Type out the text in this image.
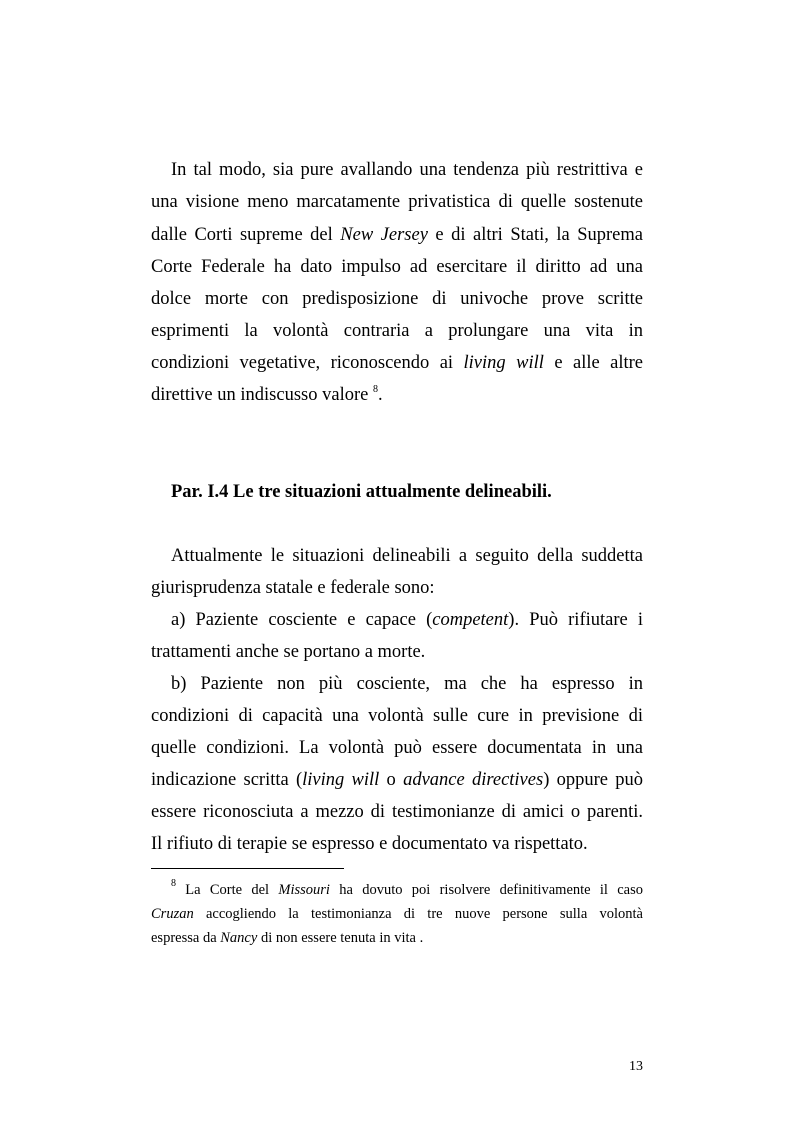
In tal modo, sia pure avallando una tendenza più restrittiva e
una visione meno marcatamente privatistica di quelle sostenute
dalle Corti supreme del New Jersey e di altri Stati, la Suprema
Corte Federale ha dato impulso ad esercitare il diritto ad una
dolce morte con predisposizione di univoche prove scritte
esprimenti la volontà contraria a prolungare una vita in
condizioni vegetative, riconoscendo ai living will e alle altre
direttive un indiscusso valore $^8$.
Par. I.4 Le tre situazioni attualmente delineabili.
Attualmente le situazioni delineabili a seguito della suddetta
giurisprudenza statale e federale sono:
a) Paziente cosciente e capace (competent). Può rifiutare i
trattamenti anche se portano a morte.
b) Paziente non più cosciente, ma che ha espresso in
condizioni di capacità una volontà sulle cure in previsione di
quelle condizioni. La volontà può essere documentata in una
indicazione scritta (living will o advance directives) oppure può
essere riconosciuta a mezzo di testimonianze di amici o parenti.
Il rifiuto di terapie se espresso e documentato va rispettato.
$^8$ La Corte del Missouri ha dovuto poi risolvere definitivamente il caso
Cruzan accogliendo la testimonianza di tre nuove persone sulla volontà
espressa da Nancy di non essere tenuta in vita .
13
